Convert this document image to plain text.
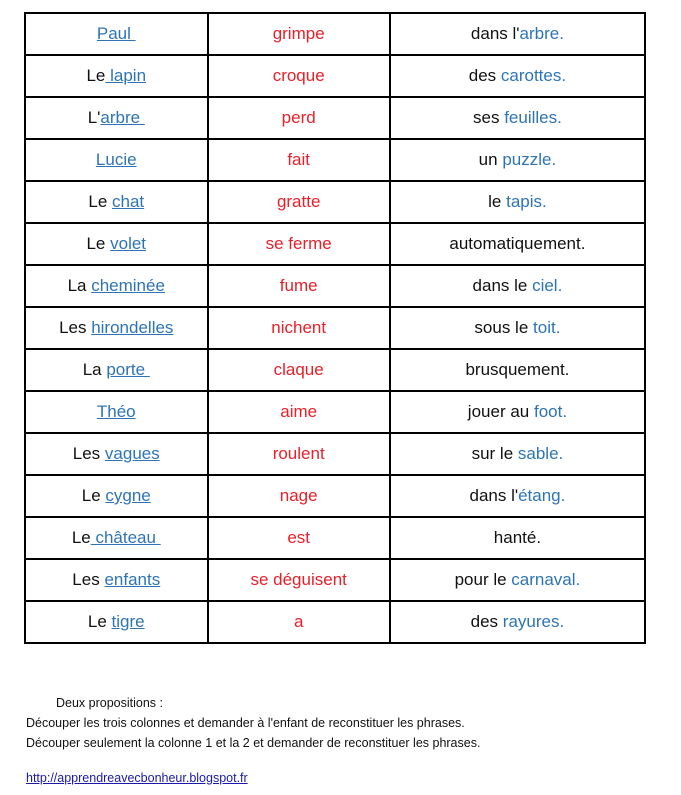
Paul	grimpe	dans l'arbre.
Le lapin	croque	des carottes.
L'arbre	perd	ses feuilles.
Lucie	fait	un puzzle.
Le chat	gratte	le tapis.
Le volet	se ferme	automatiquement.
La cheminée	fume	dans le ciel.
Les hirondelles	nichent	sous le toit.
La porte	claque	brusquement.
Théo	aime	jouer au foot.
Les vagues	roulent	sur le sable.
Le cygne	nage	dans l'étang.
Le château	est	hanté.
Les enfants	se déguisent	pour le carnaval.
Le tigre	a	des rayures.
Deux propositions :
Découper les trois colonnes et demander à l'enfant de reconstituer les phrases.
Découper seulement la colonne 1 et la 2 et demander de reconstituer les phrases.
http://apprendreavecbonheur.blogspot.fr
